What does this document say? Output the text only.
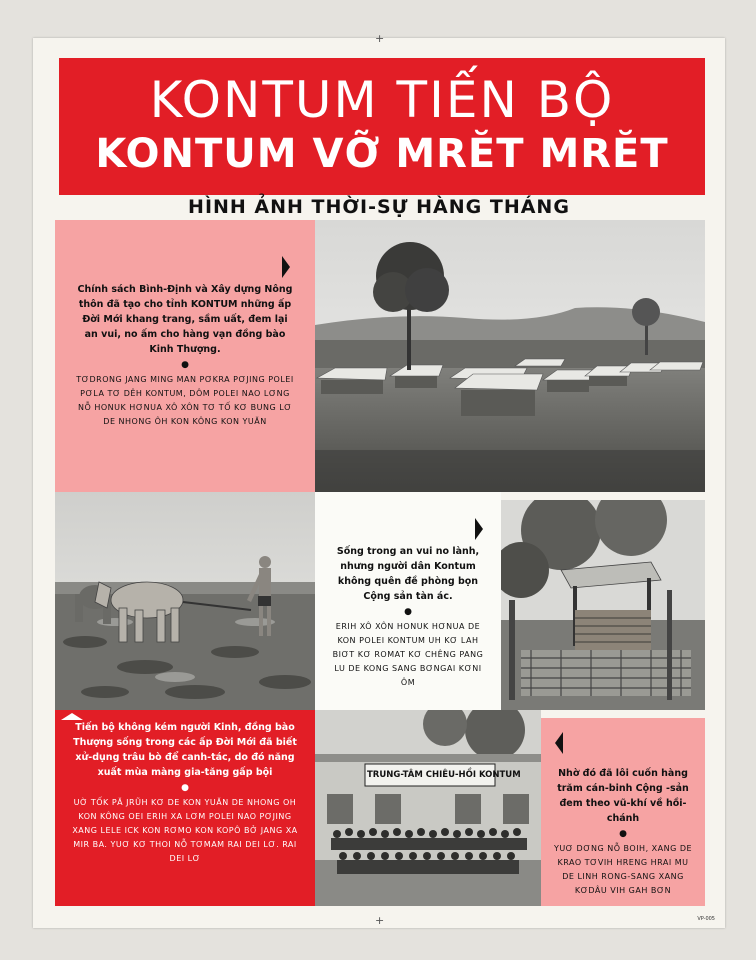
+
+
KONTUM TIẾN BỘ
KONTUM VỠ MRĔT MRĔT
HÌNH ẢNH THỜI-SỰ HÀNG THÁNG
Chính sách Bình-Định và Xây dựng Nông thôn đã tạo cho tỉnh KONTUM những ấp Đời Mới khang trang, sầm uất, đem lại an vui, no ấm cho hàng vạn đồng bào Kinh Thượng.
●
TƠDRONG JANG MING MAN PƠKRA PƠJING POLEI PƠLA TƠ DÊH KONTUM, DÔM POLEI NAO LƠNG NỖ HONUK HƠNUA XÔ XÔN TƠ TỐ KƠ BUNG LƠ DE NHONG ÔH KON KÔNG KON YUĂN
Sống trong an vui no lành, nhưng người dân Kontum không quên đề phòng bọn Cộng sản tàn ác.
●
ERIH XÔ XÔN HONUK HƠNUA DE KON POLEI KONTUM UH KƠ LAH BIƠT KƠ ROMAT KƠ CHÊNG PANG LU DE KONG SANG BƠNGAI KƠNI ÔM
Tiến bộ không kém người Kinh, đồng bào Thượng sống trong các ấp Đời Mới đã biết xử-dụng trâu bò để canh-tác, do đó năng xuất mùa màng gia-tăng gấp bội
●
UỜ TỐK PĂ JRŨH KƠ DE KON YUĂN DE NHONG OH KON KÔNG OEI ERIH XA LƠM POLEI NAO PƠJING XANG LELE ICK KON RƠMO KON KOPÔ BỞ JANG XA MIR BA. YUƠ KƠ THOI NỖ TƠMAM RAI DEI LƠ. RAI DEI LƠ
TRUNG-TÂM CHIÊU-HỒI KONTUM	Nhờ đó đã lôi cuốn hàng trăm cán-binh Cộng -sản đem theo vũ-khí về hồi-chánh
●
YUƠ DƠNG NỖ BOIH, XANG DE KRAO TƠVIH HRENG HRAI MU DE LINH RONG-SANG XANG KƠDÂU VIH GAH BƠN
VP-005
